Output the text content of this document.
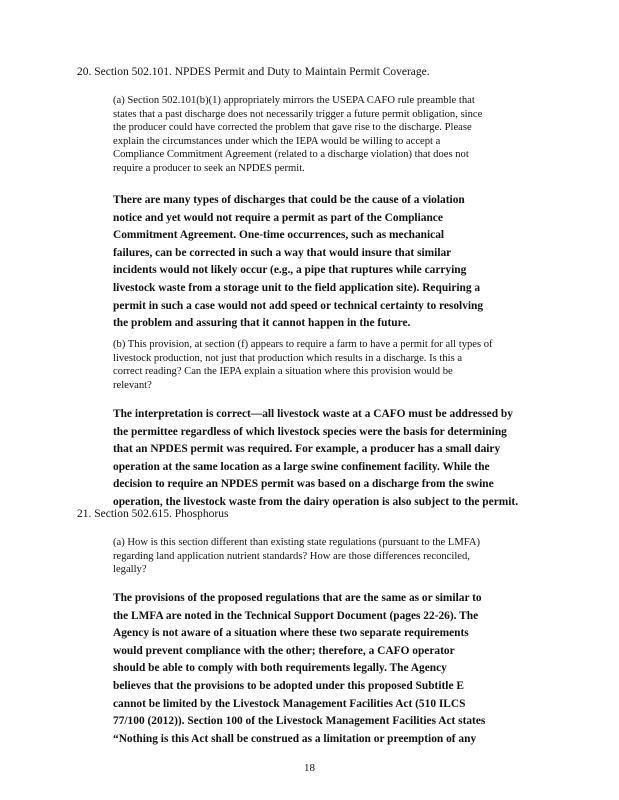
20. Section 502.101. NPDES Permit and Duty to Maintain Permit Coverage.
(a) Section 502.101(b)(1) appropriately mirrors the USEPA CAFO rule preamble that
states that a past discharge does not necessarily trigger a future permit obligation, since
the producer could have corrected the problem that gave rise to the discharge. Please
explain the circumstances under which the IEPA would be willing to accept a
Compliance Commitment Agreement (related to a discharge violation) that does not
require a producer to seek an NPDES permit.
There are many types of discharges that could be the cause of a violation
notice and yet would not require a permit as part of the Compliance
Commitment Agreement. One-time occurrences, such as mechanical
failures, can be corrected in such a way that would insure that similar
incidents would not likely occur (e.g., a pipe that ruptures while carrying
livestock waste from a storage unit to the field application site). Requiring a
permit in such a case would not add speed or technical certainty to resolving
the problem and assuring that it cannot happen in the future.
(b) This provision, at section (f) appears to require a farm to have a permit for all types of
livestock production, not just that production which results in a discharge. Is this a
correct reading? Can the IEPA explain a situation where this provision would be
relevant?
The interpretation is correct—all livestock waste at a CAFO must be addressed by
the permittee regardless of which livestock species were the basis for determining
that an NPDES permit was required. For example, a producer has a small dairy
operation at the same location as a large swine confinement facility. While the
decision to require an NPDES permit was based on a discharge from the swine
operation, the livestock waste from the dairy operation is also subject to the permit.
21. Section 502.615. Phosphorus
(a) How is this section different than existing state regulations (pursuant to the LMFA)
regarding land application nutrient standards? How are those differences reconciled,
legally?
The provisions of the proposed regulations that are the same as or similar to
the LMFA are noted in the Technical Support Document (pages 22-26). The
Agency is not aware of a situation where these two separate requirements
would prevent compliance with the other; therefore, a CAFO operator
should be able to comply with both requirements legally. The Agency
believes that the provisions to be adopted under this proposed Subtitle E
cannot be limited by the Livestock Management Facilities Act (510 ILCS
77/100 (2012)). Section 100 of the Livestock Management Facilities Act states
“Nothing is this Act shall be construed as a limitation or preemption of any
18
